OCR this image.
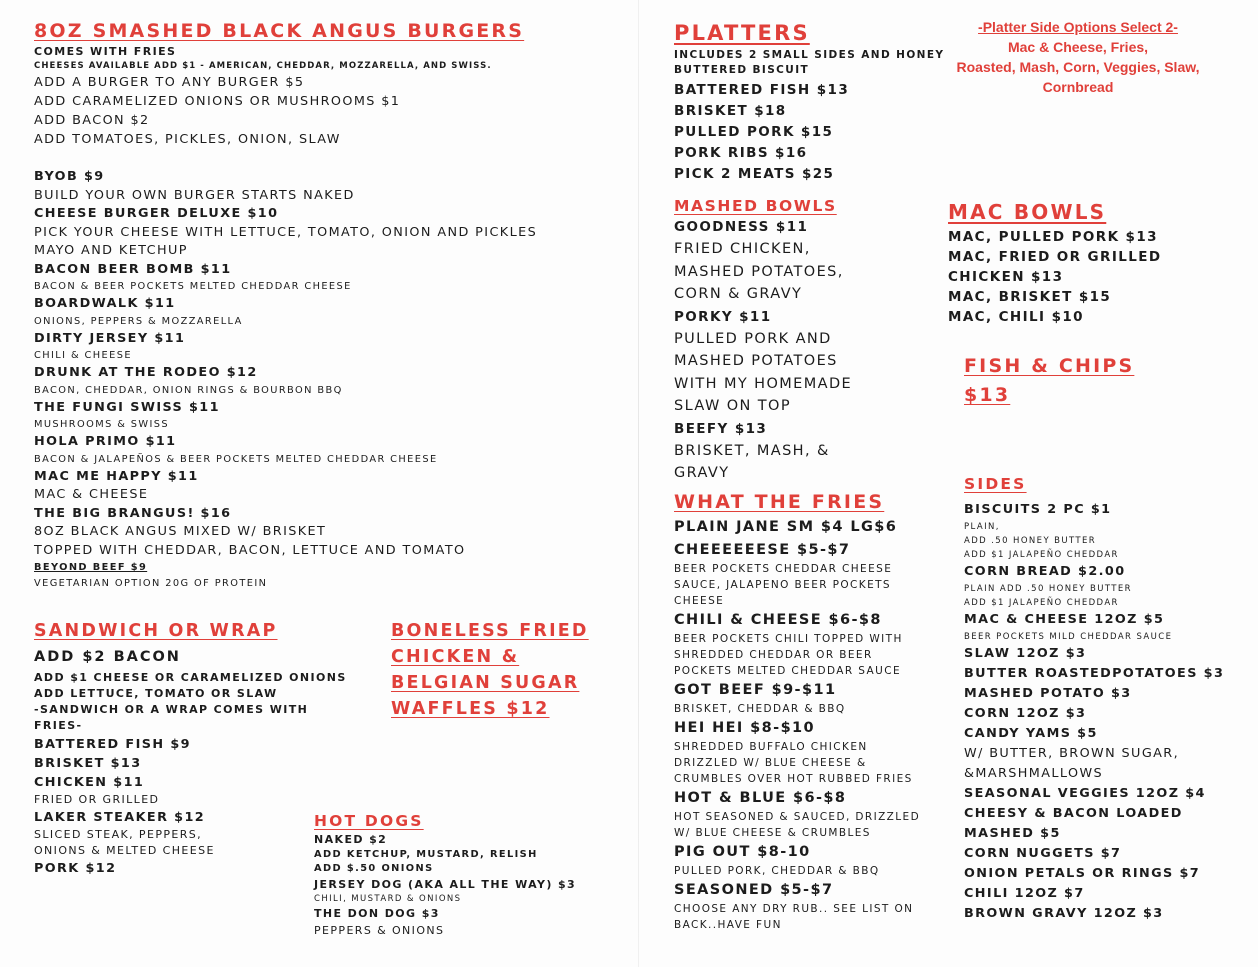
8OZ SMASHED BLACK ANGUS BURGERS
COMES WITH FRIES
CHEESES AVAILABLE ADD $1 - AMERICAN, CHEDDAR, MOZZARELLA, AND SWISS.
ADD A BURGER TO ANY BURGER $5
ADD CARAMELIZED ONIONS OR MUSHROOMS $1
ADD BACON $2
ADD TOMATOES, PICKLES, ONION, SLAW
BYOB $9
BUILD YOUR OWN BURGER STARTS NAKED
CHEESE BURGER DELUXE $10
PICK YOUR CHEESE WITH LETTUCE, TOMATO, ONION AND PICKLES
MAYO AND KETCHUP
BACON BEER BOMB $11
BACON & BEER POCKETS MELTED CHEDDAR CHEESE
BOARDWALK $11
ONIONS, PEPPERS & MOZZARELLA
DIRTY JERSEY $11
CHILI & CHEESE
DRUNK AT THE RODEO $12
BACON, CHEDDAR, ONION RINGS & BOURBON BBQ
THE FUNGI SWISS $11
MUSHROOMS & SWISS
HOLA PRIMO $11
BACON & JALAPEÑOS & BEER POCKETS MELTED CHEDDAR CHEESE
MAC ME HAPPY $11
MAC & CHEESE
THE BIG BRANGUS! $16
8OZ BLACK ANGUS MIXED W/ BRISKET
TOPPED WITH CHEDDAR, BACON, LETTUCE AND TOMATO
BEYOND BEEF $9
VEGETARIAN OPTION 20G OF PROTEIN
SANDWICH OR WRAP
ADD $2 BACON
ADD $1 CHEESE OR CARAMELIZED ONIONS
ADD LETTUCE, TOMATO OR SLAW
-SANDWICH OR A WRAP COMES WITH
FRIES-
BATTERED FISH $9
BRISKET $13
CHICKEN $11
FRIED OR GRILLED
LAKER STEAKER $12
SLICED STEAK, PEPPERS,
ONIONS & MELTED CHEESE
PORK $12
BONELESS FRIED
CHICKEN &
BELGIAN SUGAR
WAFFLES $12
HOT DOGS
NAKED $2
ADD KETCHUP, MUSTARD, RELISH
ADD $.50 ONIONS
JERSEY DOG (AKA ALL THE WAY) $3
CHILI, MUSTARD & ONIONS
THE DON DOG $3
PEPPERS & ONIONS
PLATTERS
INCLUDES 2 SMALL SIDES AND HONEY
BUTTERED BISCUIT
BATTERED FISH $13
BRISKET $18
PULLED PORK $15
PORK RIBS $16
PICK 2 MEATS $25
-Platter Side Options Select 2-
Mac & Cheese, Fries,
Roasted, Mash, Corn, Veggies, Slaw,
Cornbread
MASHED BOWLS
GOODNESS $11
FRIED CHICKEN,
MASHED POTATOES,
CORN & GRAVY
PORKY $11
PULLED PORK AND
MASHED POTATOES
WITH MY HOMEMADE
SLAW ON TOP
BEEFY $13
BRISKET, MASH, &
GRAVY
MAC BOWLS
MAC, PULLED PORK $13
MAC, FRIED OR GRILLED
CHICKEN $13
MAC, BRISKET $15
MAC, CHILI $10
FISH & CHIPS
$13
WHAT THE FRIES
PLAIN JANE SM $4 LG$6
CHEEEEEESE $5-$7
BEER POCKETS CHEDDAR CHEESE
SAUCE, JALAPENO BEER POCKETS
CHEESE
CHILI & CHEESE $6-$8
BEER POCKETS CHILI TOPPED WITH
SHREDDED CHEDDAR OR BEER
POCKETS MELTED CHEDDAR SAUCE
GOT BEEF $9-$11
BRISKET, CHEDDAR & BBQ
HEI HEI $8-$10
SHREDDED BUFFALO CHICKEN
DRIZZLED W/ BLUE CHEESE &
CRUMBLES OVER HOT RUBBED FRIES
HOT & BLUE $6-$8
HOT SEASONED & SAUCED, DRIZZLED
W/ BLUE CHEESE & CRUMBLES
PIG OUT $8-10
PULLED PORK, CHEDDAR & BBQ
SEASONED $5-$7
CHOOSE ANY DRY RUB.. SEE LIST ON
BACK..HAVE FUN
SIDES
BISCUITS 2 PC $1
PLAIN,
ADD .50 HONEY BUTTER
ADD $1 JALAPEÑO CHEDDAR
CORN BREAD $2.00
PLAIN ADD .50 HONEY BUTTER
ADD $1 JALAPEÑO CHEDDAR
MAC & CHEESE 12OZ $5
BEER POCKETS MILD CHEDDAR SAUCE
SLAW 12OZ $3
BUTTER ROASTEDPOTATOES $3
MASHED POTATO $3
CORN 12OZ $3
CANDY YAMS $5
W/ BUTTER, BROWN SUGAR,
&MARSHMALLOWS
SEASONAL VEGGIES 12OZ $4
CHEESY & BACON LOADED
MASHED $5
CORN NUGGETS $7
ONION PETALS OR RINGS $7
CHILI 12OZ $7
BROWN GRAVY 12OZ $3
